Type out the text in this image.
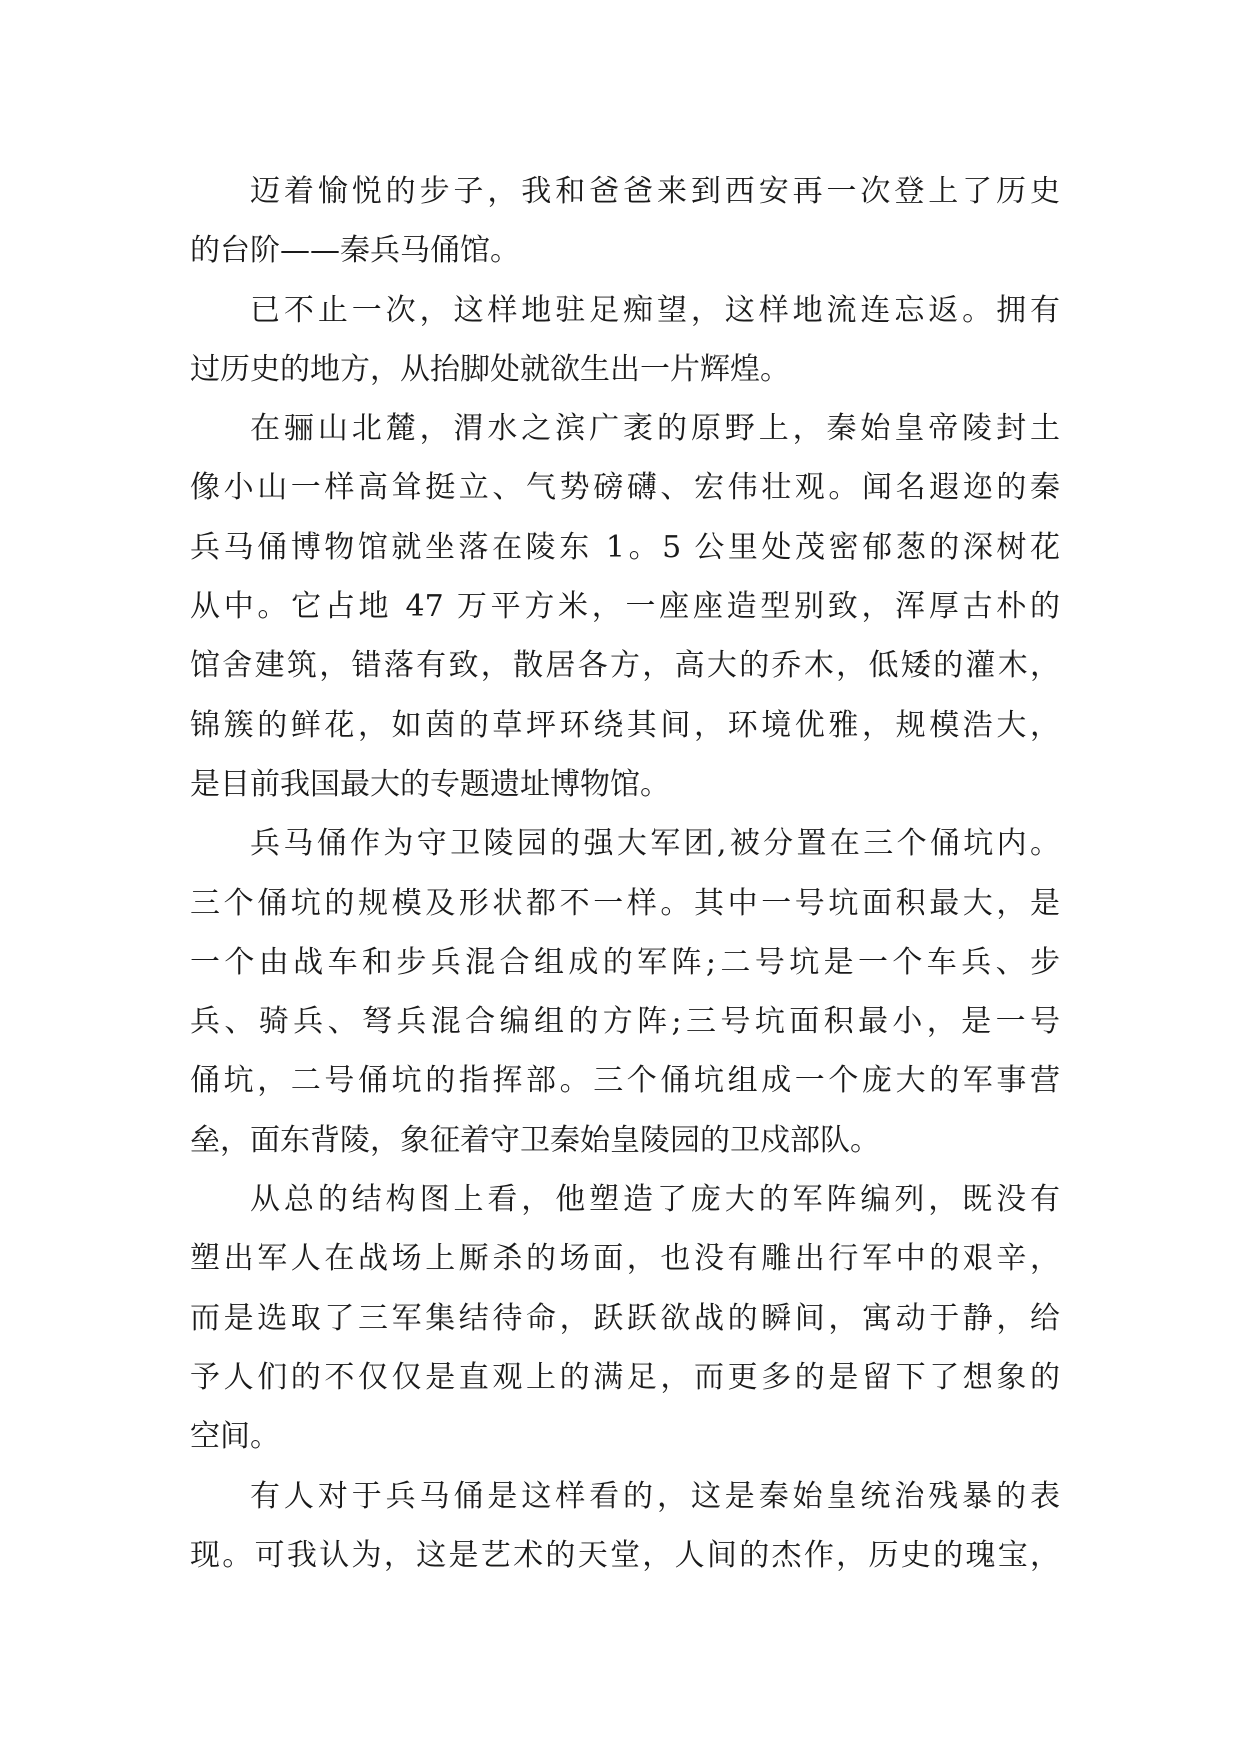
迈着愉悦的步子，我和爸爸来到西安再一次登上了历史
的台阶——秦兵马俑馆。
已不止一次，这样地驻足痴望，这样地流连忘返。拥有
过历史的地方，从抬脚处就欲生出一片辉煌。
在骊山北麓，渭水之滨广袤的原野上，秦始皇帝陵封土
像小山一样高耸挺立、气势磅礴、宏伟壮观。闻名遐迩的秦
兵马俑博物馆就坐落在陵东 1。5 公里处茂密郁葱的深树花
从中。它占地 47 万平方米，一座座造型别致，浑厚古朴的
馆舍建筑，错落有致，散居各方，高大的乔木，低矮的灌木，
锦簇的鲜花，如茵的草坪环绕其间，环境优雅，规模浩大，
是目前我国最大的专题遗址博物馆。
兵马俑作为守卫陵园的强大军团,被分置在三个俑坑内。
三个俑坑的规模及形状都不一样。其中一号坑面积最大，是
一个由战车和步兵混合组成的军阵;二号坑是一个车兵、步
兵、骑兵、弩兵混合编组的方阵;三号坑面积最小，是一号
俑坑，二号俑坑的指挥部。三个俑坑组成一个庞大的军事营
垒，面东背陵，象征着守卫秦始皇陵园的卫戍部队。
从总的结构图上看，他塑造了庞大的军阵编列，既没有
塑出军人在战场上厮杀的场面，也没有雕出行军中的艰辛，
而是选取了三军集结待命，跃跃欲战的瞬间，寓动于静，给
予人们的不仅仅是直观上的满足，而更多的是留下了想象的
空间。
有人对于兵马俑是这样看的，这是秦始皇统治残暴的表
现。可我认为，这是艺术的天堂，人间的杰作，历史的瑰宝，
